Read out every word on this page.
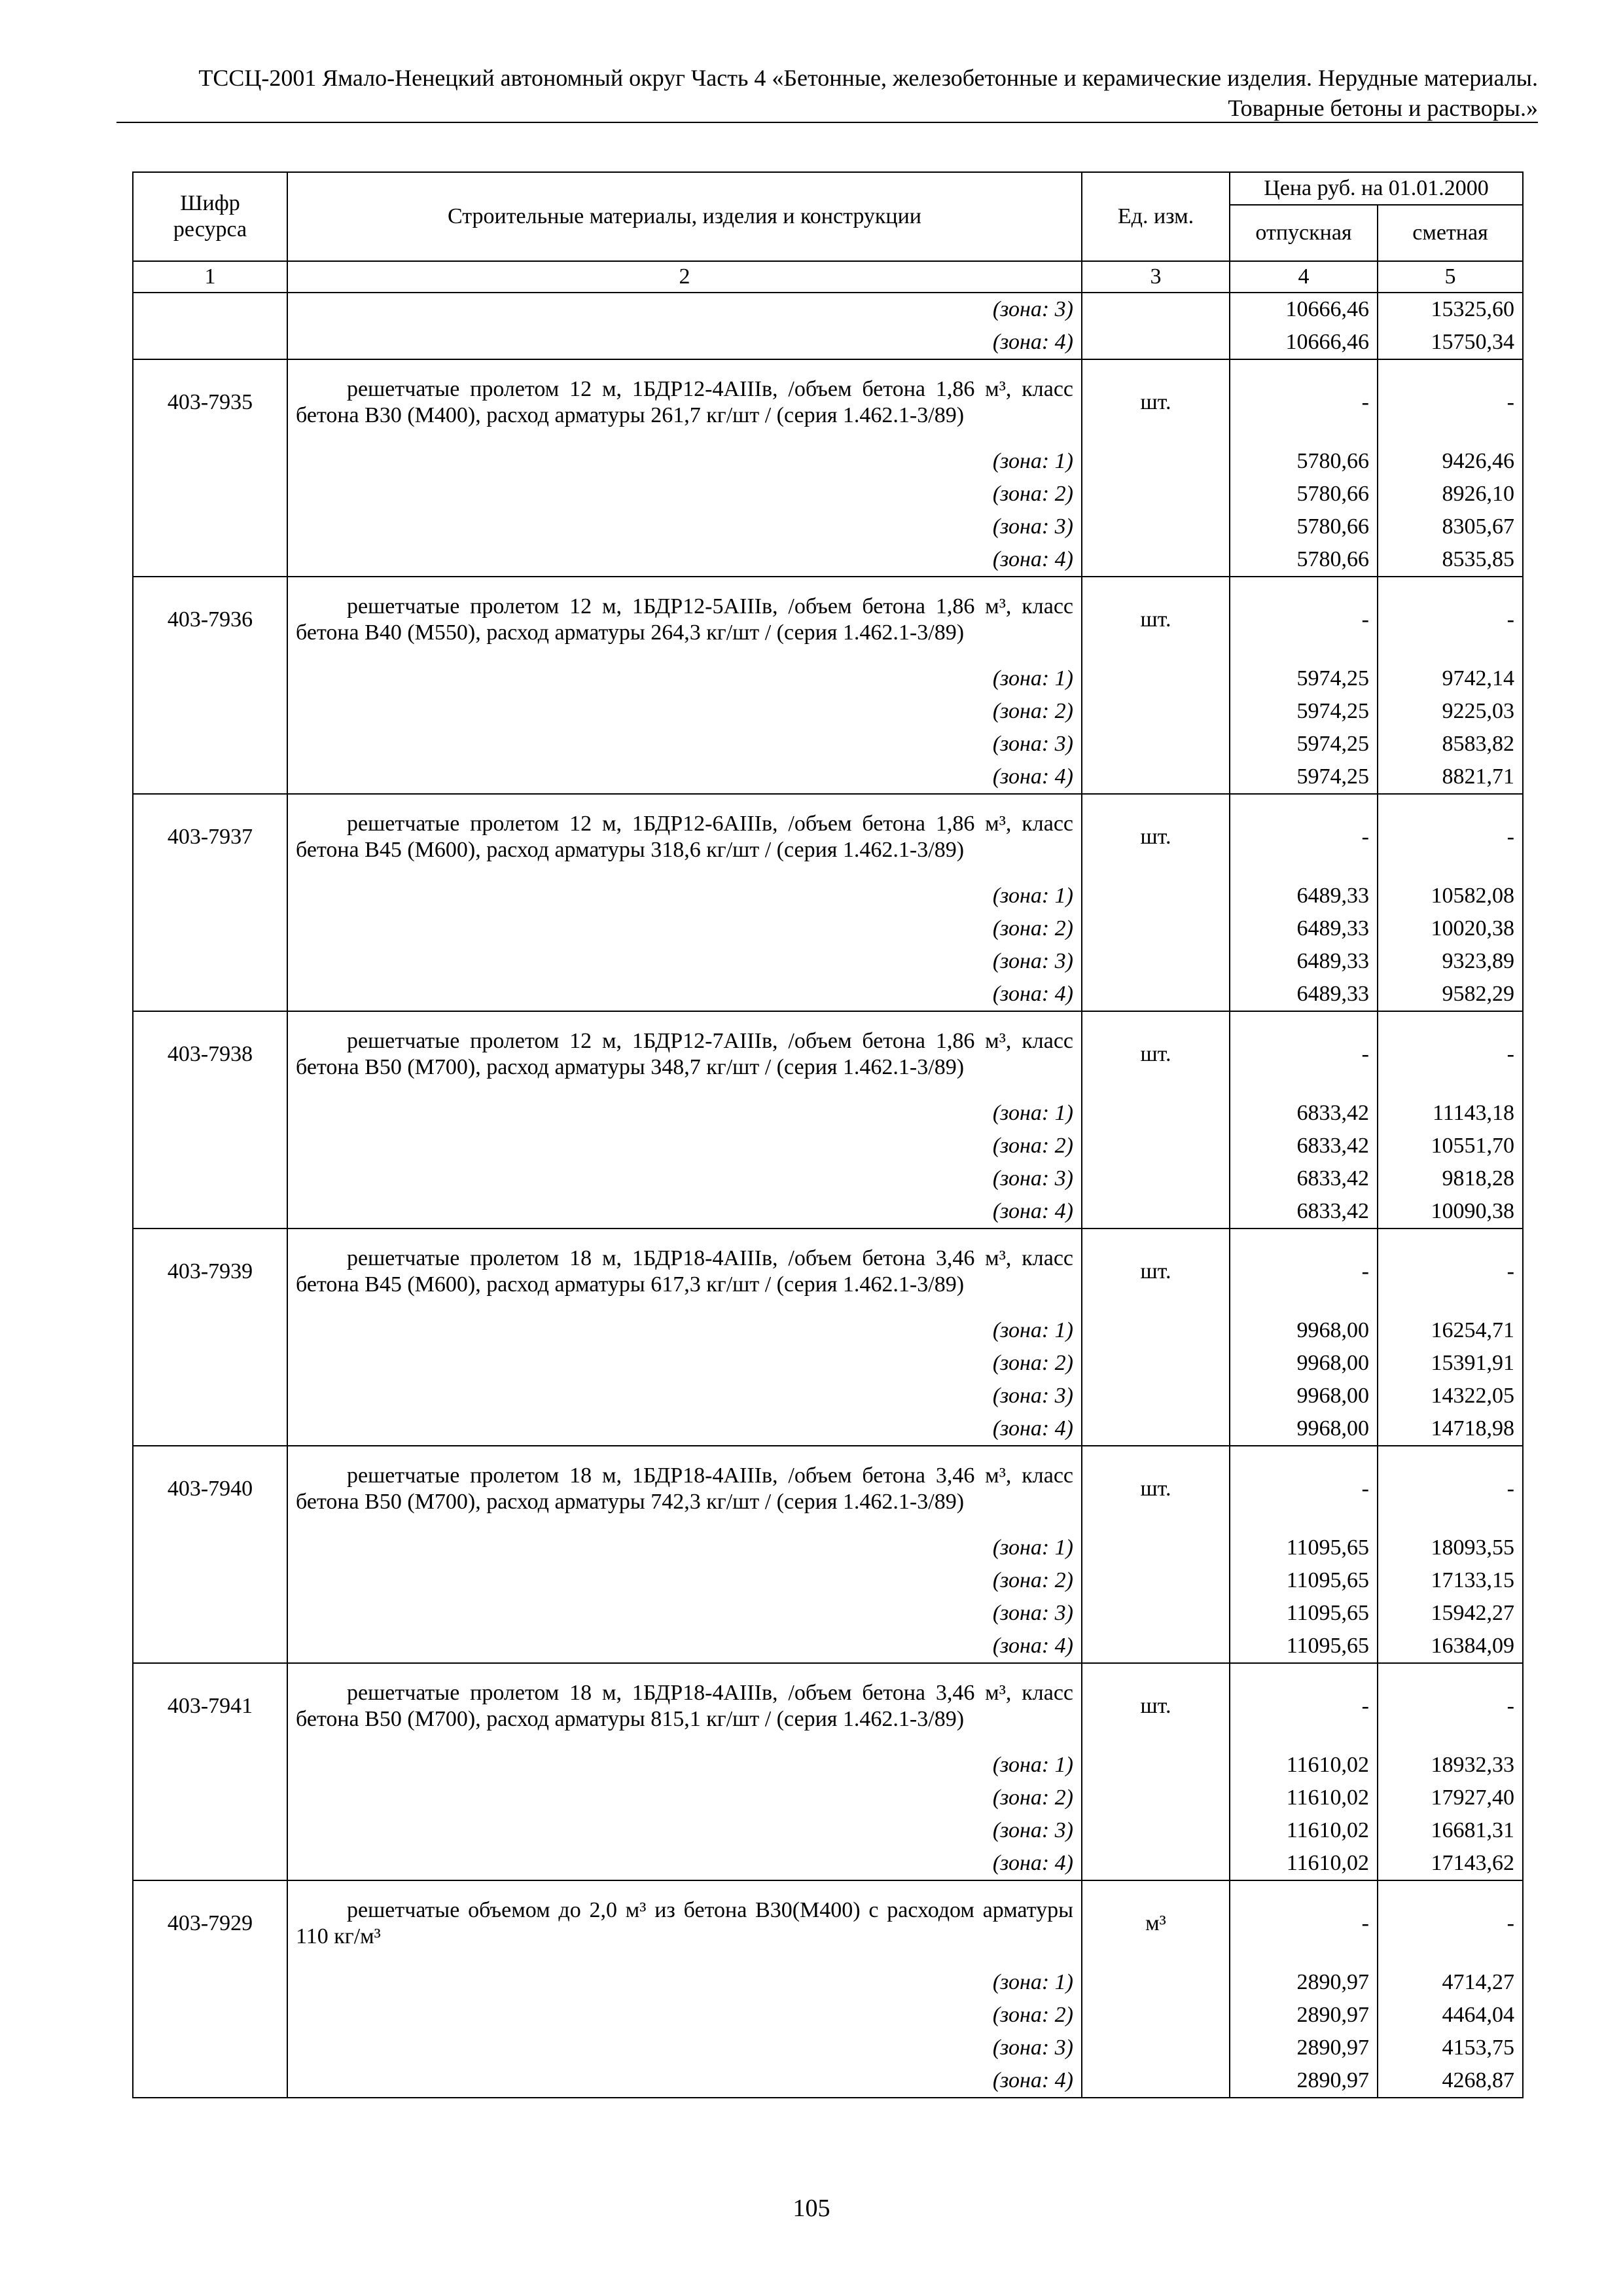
ТССЦ-2001 Ямало-Ненецкий автономный округ Часть 4 «Бетонные, железобетонные и керамические изделия. Нерудные материалы.
Товарные бетоны и растворы.»
Шифр ресурса	Строительные материалы, изделия и конструкции	Ед. изм.	Цена руб. на 01.01.2000	
			отпускная	сметная
1	2	3	4	5
	(зона: 3)		10666,46	15325,60
	(зона: 4)		10666,46	15750,34
403-7935	решетчатые пролетом 12 м, 1БДР12-4АIIIв, /объем бетона 1,86 м³, класс бетона В30 (М400), расход арматуры 261,7 кг/шт / (серия 1.462.1-3/89)	шт.	-	-
	(зона: 1)		5780,66	9426,46
	(зона: 2)		5780,66	8926,10
	(зона: 3)		5780,66	8305,67
	(зона: 4)		5780,66	8535,85
403-7936	решетчатые пролетом 12 м, 1БДР12-5АIIIв, /объем бетона 1,86 м³, класс бетона В40 (М550), расход арматуры 264,3 кг/шт / (серия 1.462.1-3/89)	шт.	-	-
	(зона: 1)		5974,25	9742,14
	(зона: 2)		5974,25	9225,03
	(зона: 3)		5974,25	8583,82
	(зона: 4)		5974,25	8821,71
403-7937	решетчатые пролетом 12 м, 1БДР12-6АIIIв, /объем бетона 1,86 м³, класс бетона В45 (М600), расход арматуры 318,6 кг/шт / (серия 1.462.1-3/89)	шт.	-	-
	(зона: 1)		6489,33	10582,08
	(зона: 2)		6489,33	10020,38
	(зона: 3)		6489,33	9323,89
	(зона: 4)		6489,33	9582,29
403-7938	решетчатые пролетом 12 м, 1БДР12-7АIIIв, /объем бетона 1,86 м³, класс бетона В50 (М700), расход арматуры 348,7 кг/шт / (серия 1.462.1-3/89)	шт.	-	-
	(зона: 1)		6833,42	11143,18
	(зона: 2)		6833,42	10551,70
	(зона: 3)		6833,42	9818,28
	(зона: 4)		6833,42	10090,38
403-7939	решетчатые пролетом 18 м, 1БДР18-4АIIIв, /объем бетона 3,46 м³, класс бетона В45 (М600), расход арматуры 617,3 кг/шт / (серия 1.462.1-3/89)	шт.	-	-
	(зона: 1)		9968,00	16254,71
	(зона: 2)		9968,00	15391,91
	(зона: 3)		9968,00	14322,05
	(зона: 4)		9968,00	14718,98
403-7940	решетчатые пролетом 18 м, 1БДР18-4АIIIв, /объем бетона 3,46 м³, класс бетона В50 (М700), расход арматуры 742,3 кг/шт / (серия 1.462.1-3/89)	шт.	-	-
	(зона: 1)		11095,65	18093,55
	(зона: 2)		11095,65	17133,15
	(зона: 3)		11095,65	15942,27
	(зона: 4)		11095,65	16384,09
403-7941	решетчатые пролетом 18 м, 1БДР18-4АIIIв, /объем бетона 3,46 м³, класс бетона В50 (М700), расход арматуры 815,1 кг/шт / (серия 1.462.1-3/89)	шт.	-	-
	(зона: 1)		11610,02	18932,33
	(зона: 2)		11610,02	17927,40
	(зона: 3)		11610,02	16681,31
	(зона: 4)		11610,02	17143,62
403-7929	решетчатые объемом до 2,0 м³ из бетона В30(М400) с расходом арматуры 110 кг/м³	м³	-	-
	(зона: 1)		2890,97	4714,27
	(зона: 2)		2890,97	4464,04
	(зона: 3)		2890,97	4153,75
	(зона: 4)		2890,97	4268,87
105
